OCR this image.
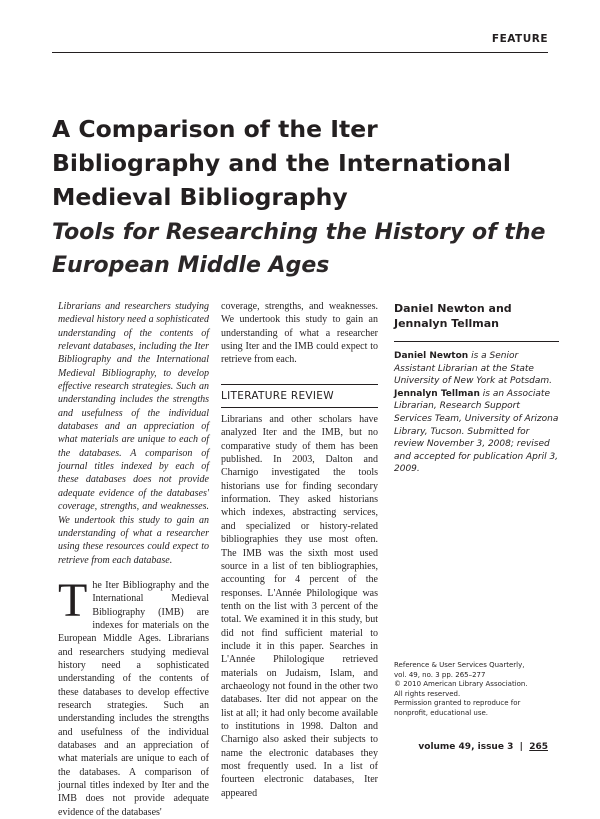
FEATURE
A Comparison of the Iter Bibliography and the International Medieval Bibliography
Tools for Researching the History of the European Middle Ages

Librarians and researchers studying medieval history need a sophisticated understanding of the contents of relevant databases, including the Iter Bibliography and the International Medieval Bibliography, to develop effective research strategies. Such an understanding includes the strengths and usefulness of the individual databases and an appreciation of what materials are unique to each of the databases. A comparison of journal titles indexed by each of these databases does not provide adequate evidence of the databases' coverage, strengths, and weaknesses. We undertook this study to gain an understanding of what a researcher using these resources could expect to retrieve from each database.

The Iter Bibliography and the International Medieval Bibliography (IMB) are indexes for materials on the European Middle Ages. Librarians and researchers studying medieval history need a sophisticated understanding of the contents of these databases to develop effective research strategies. Such an understanding includes the strengths and usefulness of the individual databases and an appreciation of what materials are unique to each of the databases. A comparison of journal titles indexed by Iter and the IMB does not provide adequate evidence of the databases'

coverage, strengths, and weaknesses. We undertook this study to gain an understanding of what a researcher using Iter and the IMB could expect to retrieve from each.

LITERATURE REVIEW

Librarians and other scholars have analyzed Iter and the IMB, but no comparative study of them has been published. In 2003, Dalton and Charnigo investigated the tools historians use for finding secondary information. They asked historians which indexes, abstracting services, and specialized or history-related bibliographies they use most often. The IMB was the sixth most used source in a list of ten bibliographies, accounting for 4 percent of the responses. L'Année Philologique was tenth on the list with 3 percent of the total. We examined it in this study, but did not find sufficient material to include it in this paper. Searches in L'Année Philologique retrieved materials on Judaism, Islam, and archaeology not found in the other two databases. Iter did not appear on the list at all; it had only become available to institutions in 1998. Dalton and Charnigo also asked their subjects to name the electronic databases they most frequently used. In a list of fourteen electronic databases, Iter appeared

Daniel Newton and Jennalyn Tellman

Daniel Newton is a Senior Assistant Librarian at the State University of New York at Potsdam. Jennalyn Tellman is an Associate Librarian, Research Support Services Team, University of Arizona Library, Tucson. Submitted for review November 3, 2008; revised and accepted for publication April 3, 2009.

Reference & User Services Quarterly,
vol. 49, no. 3 pp. 265–277
© 2010 American Library Association.
All rights reserved.
Permission granted to reproduce for
nonprofit, educational use.
volume 49, issue 3 | 265
